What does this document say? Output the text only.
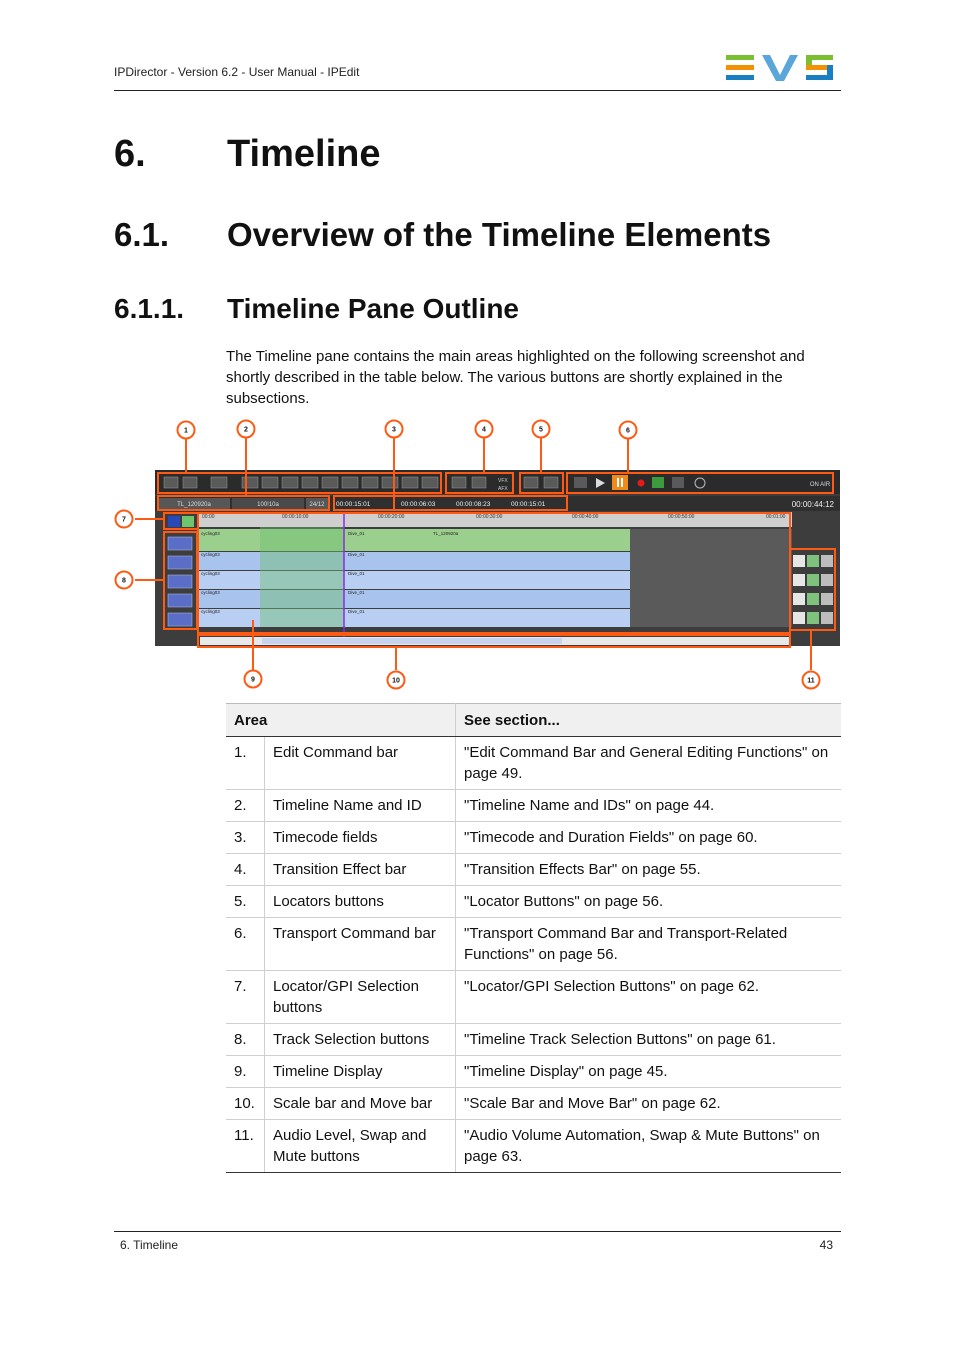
IPDirector - Version 6.2 - User Manual - IPEdit
6. Timeline
6.1. Overview of the Timeline Elements
6.1.1. Timeline Pane Outline
The Timeline pane contains the main areas highlighted on the following screenshot and shortly described in the table below. The various buttons are shortly explained in the subsections.
VFX
AFX
ON AIR
TL_120920a	100!10a	24/12 00:00:15:01	00:00:06:03	00:00:08:23	00:00:15:01	00:00:44:12
00:00	00:00:10:00	00:00:20:00	00:00:30:00	00:00:40:00	00:00:50:00	00:01:00
cycling03	Dive_01	TL_120920a
cycling03	Dive_01
cycling03	Dive_01
cycling03	Dive_01
cycling03	Dive_01
1	2	3	4	5	6
7
8
9	10	11
Area		See section...
1.	Edit Command bar	"Edit Command Bar and General Editing Functions" on page 49.
2.	Timeline Name and ID	"Timeline Name and IDs" on page 44.
3.	Timecode fields	"Timecode and Duration Fields" on page 60.
4.	Transition Effect bar	"Transition Effects Bar" on page 55.
5.	Locators buttons	"Locator Buttons" on page 56.
6.	Transport Command bar	"Transport Command Bar and Transport-Related Functions" on page 56.
7.	Locator/GPI Selection buttons	"Locator/GPI Selection Buttons" on page 62.
8.	Track Selection buttons	"Timeline Track Selection Buttons" on page 61.
9.	Timeline Display	"Timeline Display" on page 45.
10.	Scale bar and Move bar	"Scale Bar and Move Bar" on page 62.
11.	Audio Level, Swap and Mute buttons	"Audio Volume Automation, Swap & Mute Buttons" on page 63.
6. Timeline	43
